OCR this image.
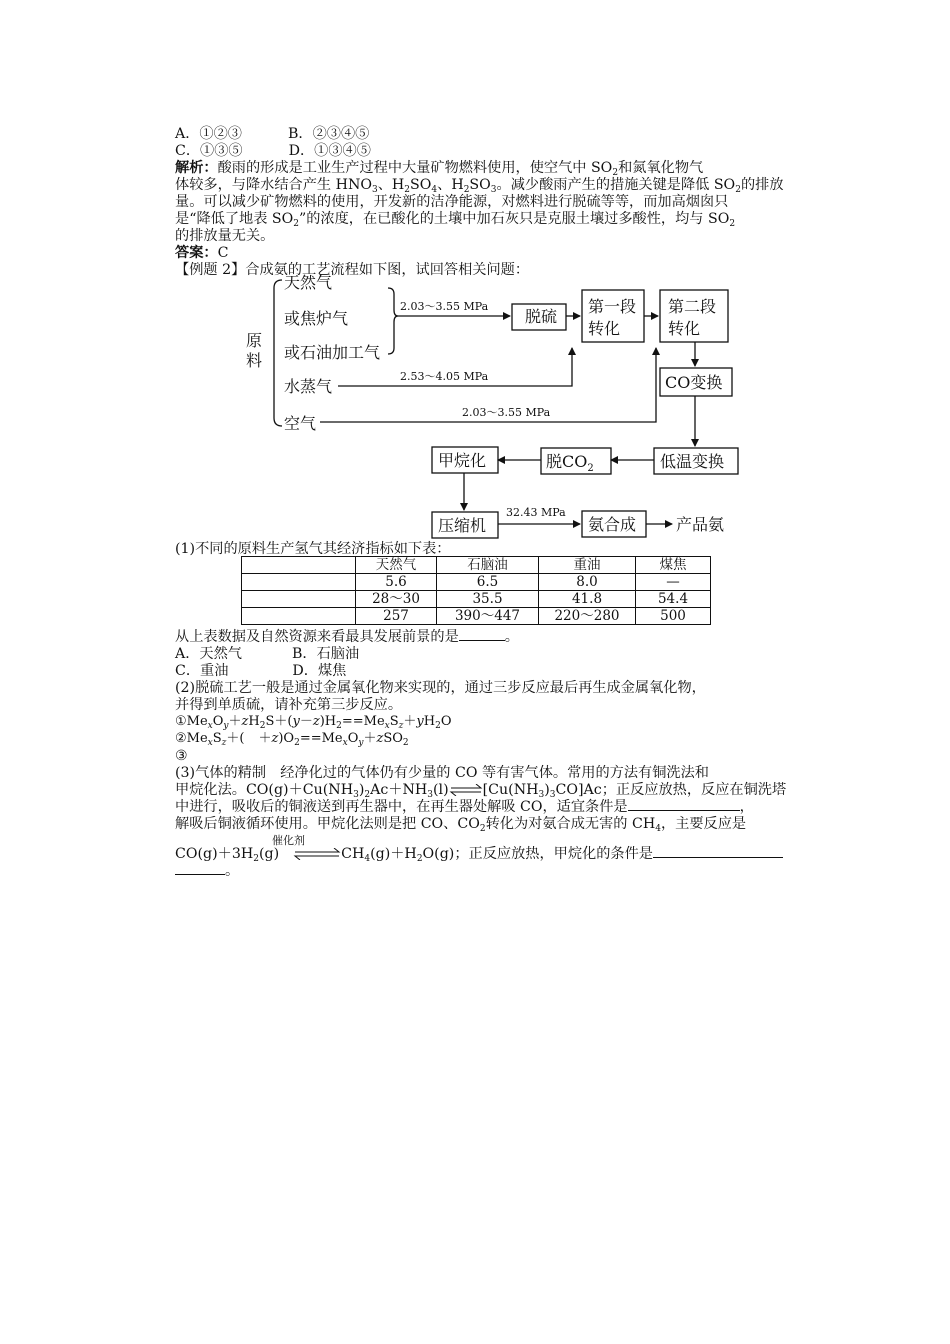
A．①②③	B．②③④⑤
C．①③⑤	D．①③④⑤
解析：酸雨的形成是工业生产过程中大量矿物燃料使用，使空气中 $SO_2$和氮氧化物气
体较多，与降水结合产生 $HNO_3$、$H_2SO_4$、$H_2SO_3$。减少酸雨产生的措施关键是降低 $SO_2$的排放
量。可以减少矿物燃料的使用，开发新的洁净能源，对燃料进行脱硫等等，而加高烟囱只
是“降低了地表 $SO_2$”的浓度，在已酸化的土壤中加石灰只是克服土壤过多酸性，均与 $SO_2$
的排放量无关。
答案：C
【例题 2】合成氨的工艺流程如下图，试回答相关问题：
原
料
天然气
或焦炉气
或石油加工气
水蒸气
空气
脱硫
第一段
转化
第二段
转化
CO变换
低温变换
脱$CO_2$
甲烷化
压缩机	氨合成 产品氨
2.03～3.55 MPa
2.53～4.05 MPa
2.03～3.55 MPa
32.43 MPa
(1)不同的原料生产氢气其经济指标如下表：
	天然气	石脑油	重油	煤焦
	5.6	6.5	8.0	—
	28～30	35.5	41.8	54.4
	257	390～447	220～280	500
从上表数据及自然资源来看最具发展前景的是	。
A．天然气	B．石脑油
C．重油	D．煤焦
(2)脱硫工艺一般是通过金属氧化物来实现的，通过三步反应最后再生成金属氧化物，
并得到单质硫，请补充第三步反应。
$①Me_xO_y+zH_2S+(y-z)H_2==Me_xS_z+yH_2O$
$②Me_xS_z+( +z)O_2==Me_xO_y+zSO_2$
③
(3)气体的精制　经净化过的气体仍有少量的 CO 等有害气体。常用的方法有铜洗法和
甲烷化法。$CO(g)+Cu(NH_3)_2Ac+NH_3(l)\rightleftharpoons[Cu(NH_3)_3CO]Ac$；正反应放热，反应在铜洗塔
中进行，吸收后的铜液送到再生器中，在再生器处解吸 CO，适宜条件是	，
解吸后铜液循环使用。甲烷化法则是把 CO、$CO_2$转化为对氨合成无害的 $CH_4$，主要反应是
催化剂
$CO(g)+3H_2(g)$ $\rightleftharpoons CH_4(g)+H_2O(g)$；正反应放热，甲烷化的条件是
。
